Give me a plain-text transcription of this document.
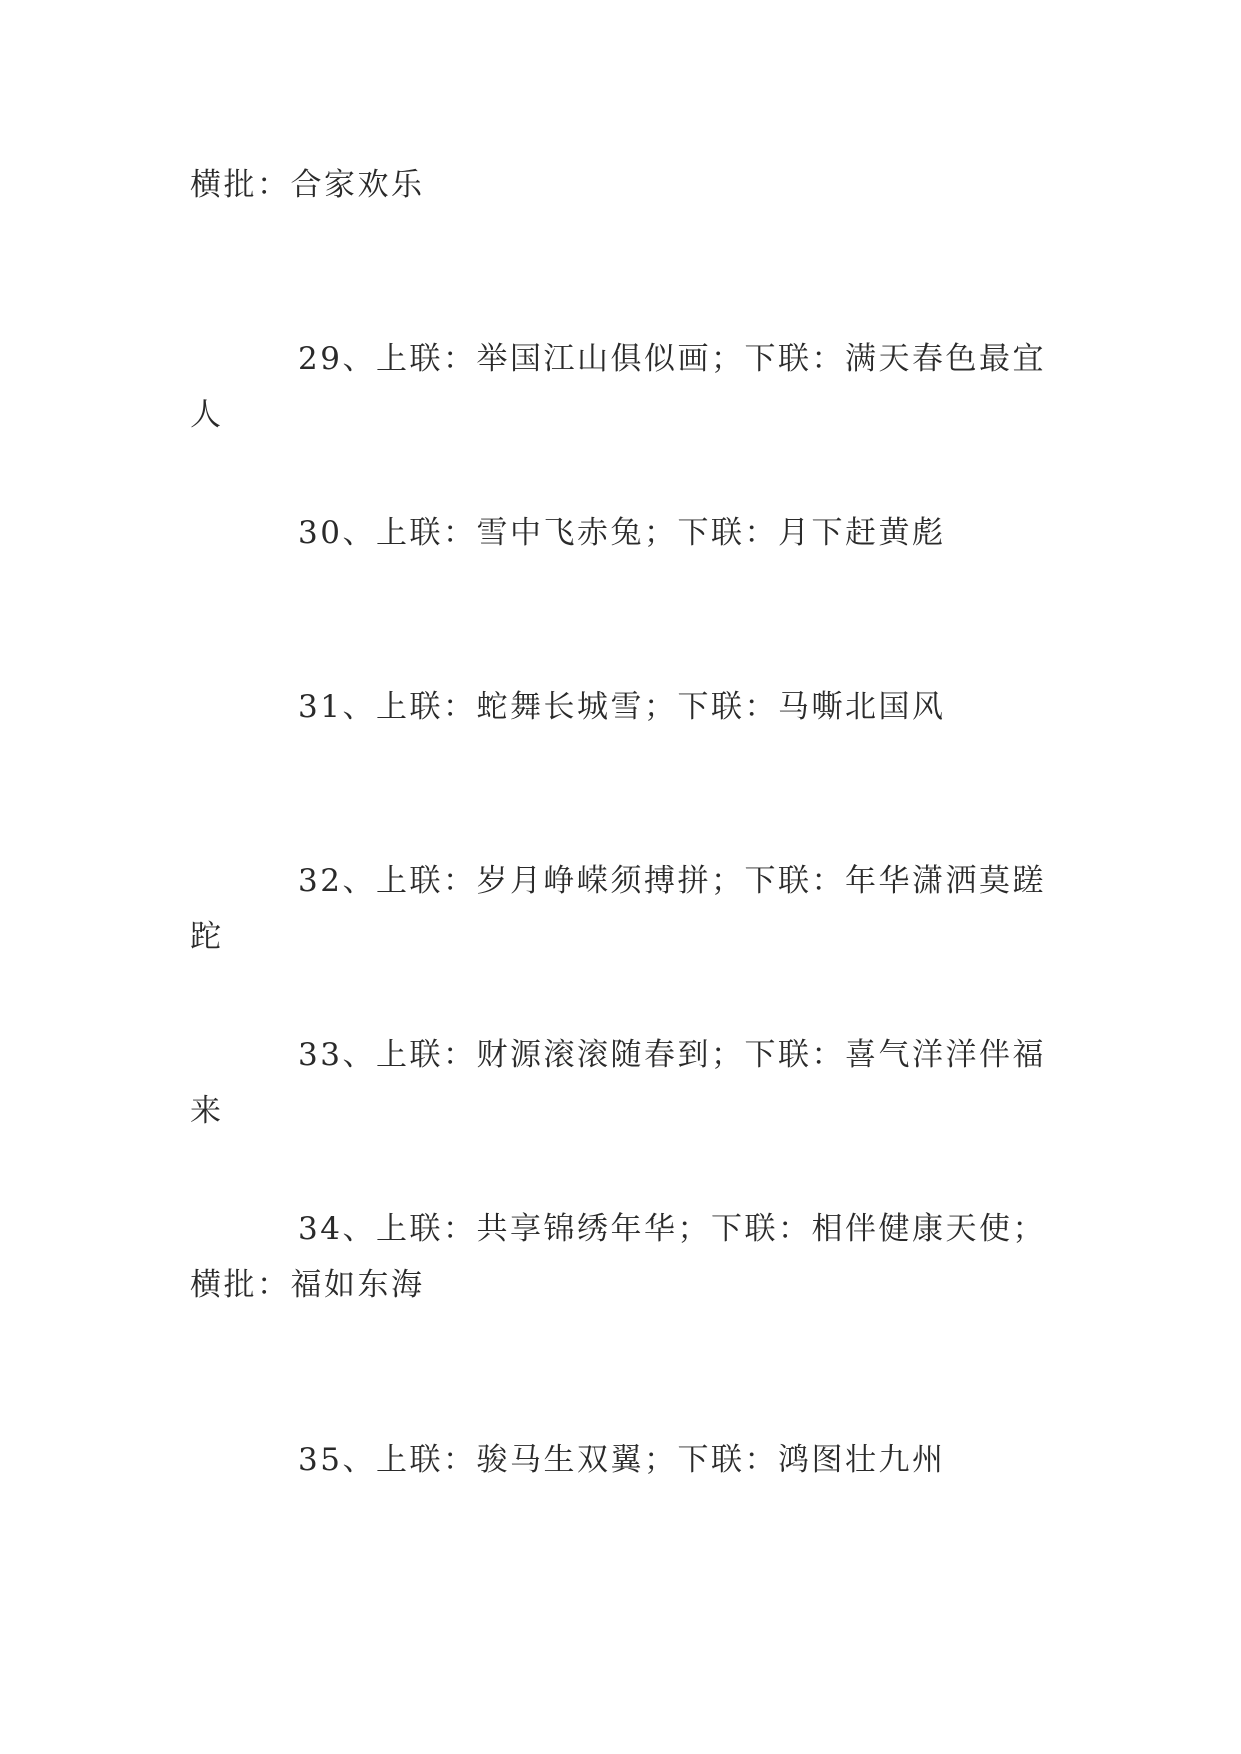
横批：合家欢乐

29、上联：举国江山俱似画；下联：满天春色最宜人

30、上联：雪中飞赤兔；下联：月下赶黄彪

31、上联：蛇舞长城雪；下联：马嘶北国风

32、上联：岁月峥嵘须搏拼；下联：年华潇洒莫蹉跎

33、上联：财源滚滚随春到；下联：喜气洋洋伴福来

34、上联：共享锦绣年华；下联：相伴健康天使；横批：福如东海

35、上联：骏马生双翼；下联：鸿图壮九州
